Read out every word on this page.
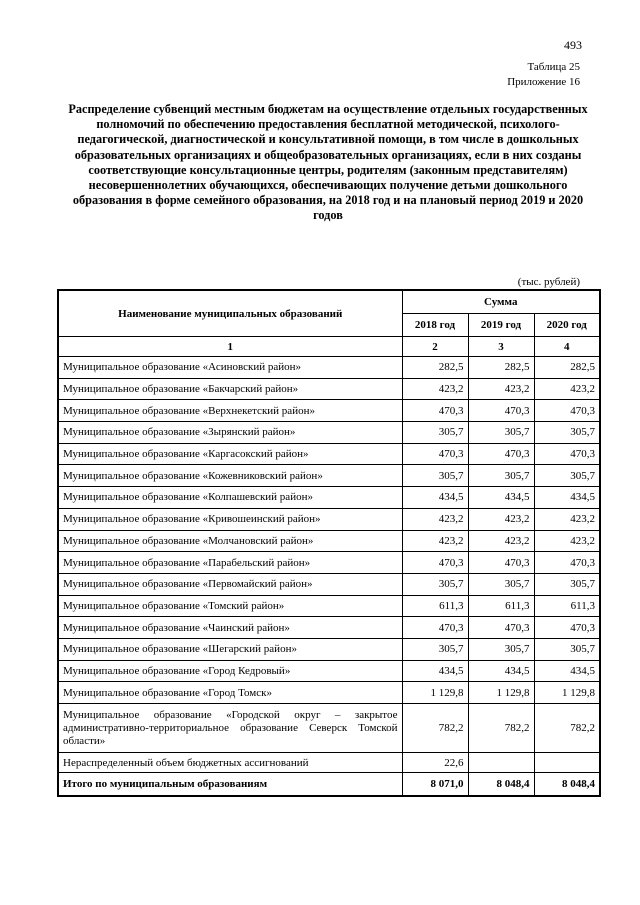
493
Таблица 25
Приложение 16

Распределение субвенций местным бюджетам на осуществление отдельных государственных полномочий по обеспечению предоставления бесплатной методической, психолого-педагогической, диагностической и консультативной помощи, в том числе в дошкольных образовательных организациях и общеобразовательных организациях, если в них созданы соответствующие консультационные центры, родителям (законным представителям) несовершеннолетних обучающихся, обеспечивающих получение детьми дошкольного образования в форме семейного образования, на 2018 год и на плановый период 2019 и 2020 годов

(тыс. рублей)
Наименование муниципальных образований	Сумма		
	2018 год	2019 год	2020 год
1	2	3	4
Муниципальное образование «Асиновский район»	282,5	282,5	282,5
Муниципальное образование «Бакчарский район»	423,2	423,2	423,2
Муниципальное образование «Верхнекетский район»	470,3	470,3	470,3
Муниципальное образование «Зырянский район»	305,7	305,7	305,7
Муниципальное образование «Каргасокский район»	470,3	470,3	470,3
Муниципальное образование «Кожевниковский район»	305,7	305,7	305,7
Муниципальное образование «Колпашевский район»	434,5	434,5	434,5
Муниципальное образование «Кривошеинский район»	423,2	423,2	423,2
Муниципальное образование «Молчановский район»	423,2	423,2	423,2
Муниципальное образование «Парабельский район»	470,3	470,3	470,3
Муниципальное образование «Первомайский район»	305,7	305,7	305,7
Муниципальное образование «Томский район»	611,3	611,3	611,3
Муниципальное образование «Чаинский район»	470,3	470,3	470,3
Муниципальное образование «Шегарский район»	305,7	305,7	305,7
Муниципальное образование «Город Кедровый»	434,5	434,5	434,5
Муниципальное образование «Город Томск»	1 129,8	1 129,8	1 129,8
Муниципальное образование «Городской округ – закрытое административно-территориальное образование Северск Томской области»	782,2	782,2	782,2
Нераспределенный объем бюджетных ассигнований	22,6		
Итого по муниципальным образованиям	8 071,0	8 048,4	8 048,4
